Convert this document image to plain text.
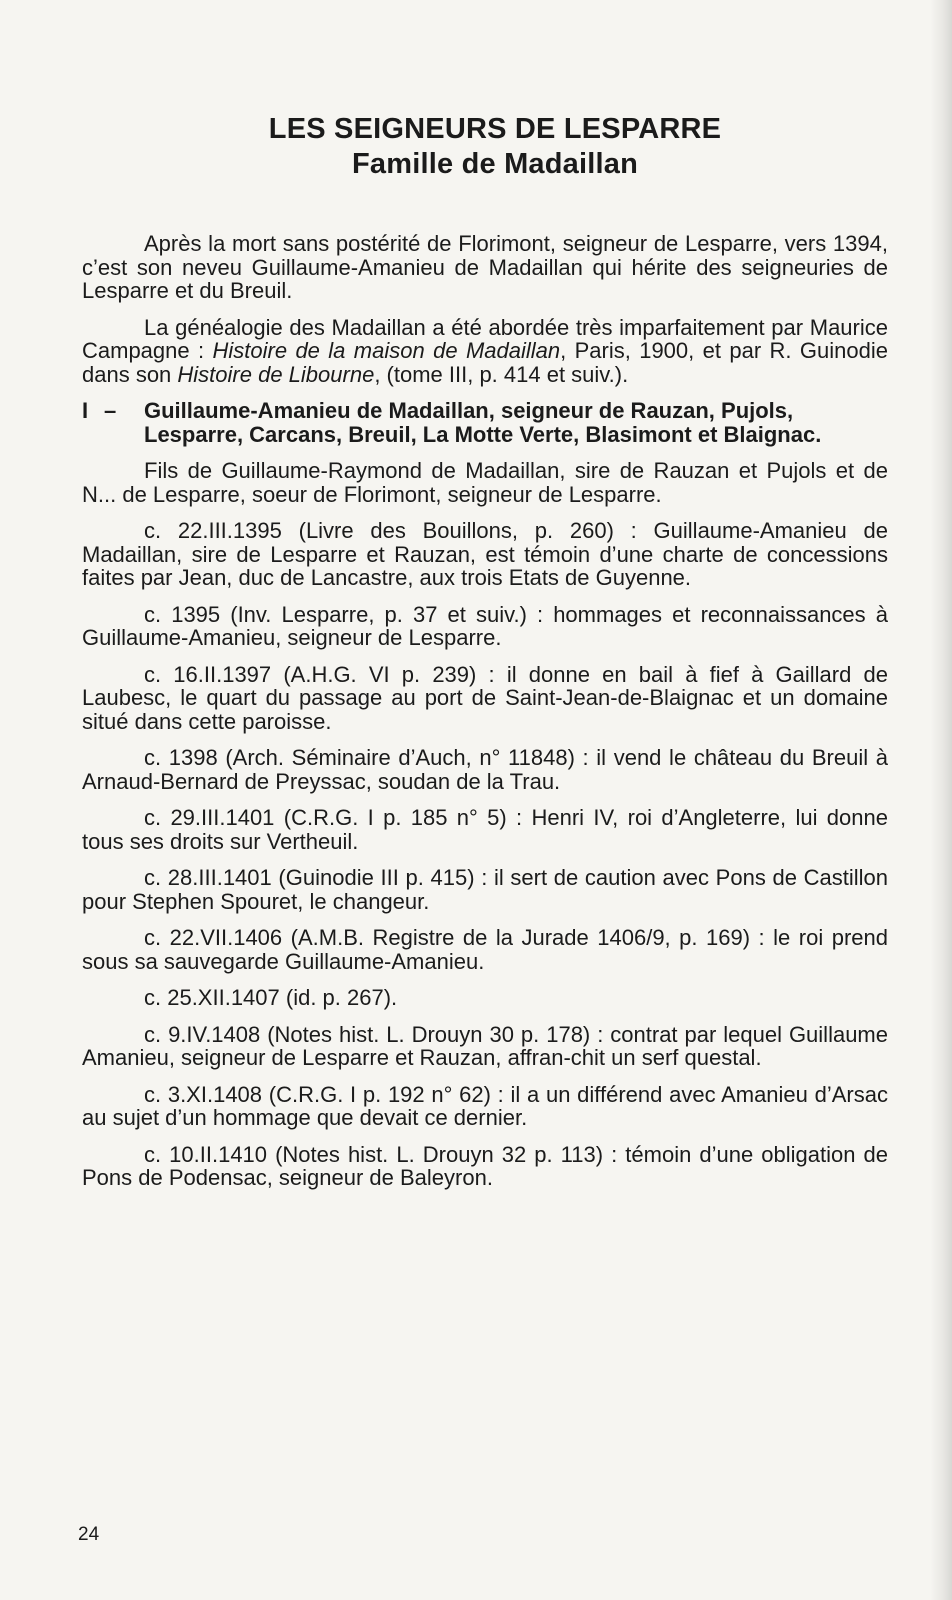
LES SEIGNEURS DE LESPARRE
Famille de Madaillan

Après la mort sans postérité de Florimont, seigneur de Lesparre, vers 1394, c’est son neveu Guillaume-Amanieu de Madaillan qui hérite des seigneuries de Lesparre et du Breuil.

La généalogie des Madaillan a été abordée très imparfaitement par Maurice Campagne : Histoire de la maison de Madaillan, Paris, 1900, et par R. Guinodie dans son Histoire de Libourne, (tome III, p. 414 et suiv.).

I –	Guillaume-Amanieu de Madaillan, seigneur de Rauzan, Pujols, Lesparre, Carcans, Breuil, La Motte Verte, Blasimont et Blaignac.

Fils de Guillaume-Raymond de Madaillan, sire de Rauzan et Pujols et de N... de Lesparre, soeur de Florimont, seigneur de Lesparre.

c. 22.III.1395 (Livre des Bouillons, p. 260) : Guillaume-Amanieu de Madaillan, sire de Lesparre et Rauzan, est témoin d’une charte de concessions faites par Jean, duc de Lancastre, aux trois Etats de Guyenne.

c. 1395 (Inv. Lesparre, p. 37 et suiv.) : hommages et reconnaissances à Guillaume-Amanieu, seigneur de Lesparre.

c. 16.II.1397 (A.H.G. VI p. 239) : il donne en bail à fief à Gaillard de Laubesc, le quart du passage au port de Saint-Jean-de-Blaignac et un domaine situé dans cette paroisse.

c. 1398 (Arch. Séminaire d’Auch, n° 11848) : il vend le château du Breuil à Arnaud-Bernard de Preyssac, soudan de la Trau.

c. 29.III.1401 (C.R.G. I p. 185 n° 5) : Henri IV, roi d’Angleterre, lui donne tous ses droits sur Vertheuil.

c. 28.III.1401 (Guinodie III p. 415) : il sert de caution avec Pons de Castillon pour Stephen Spouret, le changeur.

c. 22.VII.1406 (A.M.B. Registre de la Jurade 1406/9, p. 169) : le roi prend sous sa sauvegarde Guillaume-Amanieu.

c. 25.XII.1407 (id. p. 267).

c. 9.IV.1408 (Notes hist. L. Drouyn 30 p. 178) : contrat par lequel Guillaume Amanieu, seigneur de Lesparre et Rauzan, affran-chit un serf questal.

c. 3.XI.1408 (C.R.G. I p. 192 n° 62) : il a un différend avec Amanieu d’Arsac au sujet d’un hommage que devait ce dernier.

c. 10.II.1410 (Notes hist. L. Drouyn 32 p. 113) : témoin d’une obligation de Pons de Podensac, seigneur de Baleyron.

24
